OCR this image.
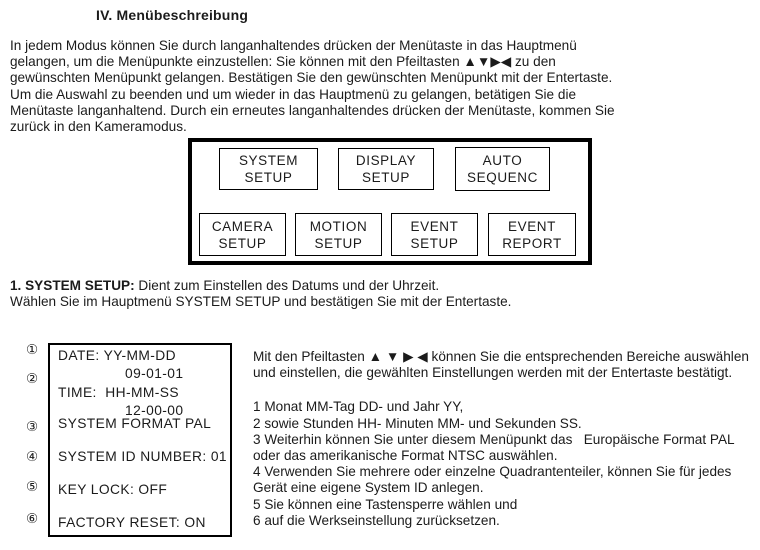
IV. Menübeschreibung
In jedem Modus können Sie durch langanhaltendes drücken der Menütaste in das Hauptmenü
gelangen, um die Menüpunkte einzustellen: Sie können mit den Pfeiltasten ▲▼▶◀ zu den
gewünschten Menüpunkt gelangen. Bestätigen Sie den gewünschten Menüpunkt mit der Entertaste.
Um die Auswahl zu beenden und um wieder in das Hauptmenü zu gelangen, betätigen Sie die
Menütaste langanhaltend. Durch ein erneutes langanhaltendes drücken der Menütaste, kommen Sie
zurück in den Kameramodus.
SYSTEM
SETUP
DISPLAY
SETUP
AUTO
SEQUENC
CAMERA
SETUP
MOTION
SETUP
EVENT
SETUP
EVENT
REPORT
1. SYSTEM SETUP: Dient zum Einstellen des Datums und der Uhrzeit.
Wählen Sie im Hauptmenü SYSTEM SETUP und bestätigen Sie mit der Entertaste.
①
②
③
④
⑤
⑥
DATE: YY-MM-DD
09-01-01
TIME:  HH-MM-SS
12-00-00
SYSTEM FORMAT PAL
SYSTEM ID NUMBER: 01
KEY LOCK: OFF
FACTORY RESET: ON
Mit den Pfeiltasten ▲ ▼ ▶ ◀ können Sie die entsprechenden Bereiche auswählen
und einstellen, die gewählten Einstellungen werden mit der Entertaste bestätigt.
1 Monat MM-Tag DD- und Jahr YY,
2 sowie Stunden HH- Minuten MM- und Sekunden SS.
3 Weiterhin können Sie unter diesem Menüpunkt das   Europäische Format PAL
oder das amerikanische Format NTSC auswählen.
4 Verwenden Sie mehrere oder einzelne Quadrantenteiler, können Sie für jedes
Gerät eine eigene System ID anlegen.
5 Sie können eine Tastensperre wählen und
6 auf die Werkseinstellung zurücksetzen.
